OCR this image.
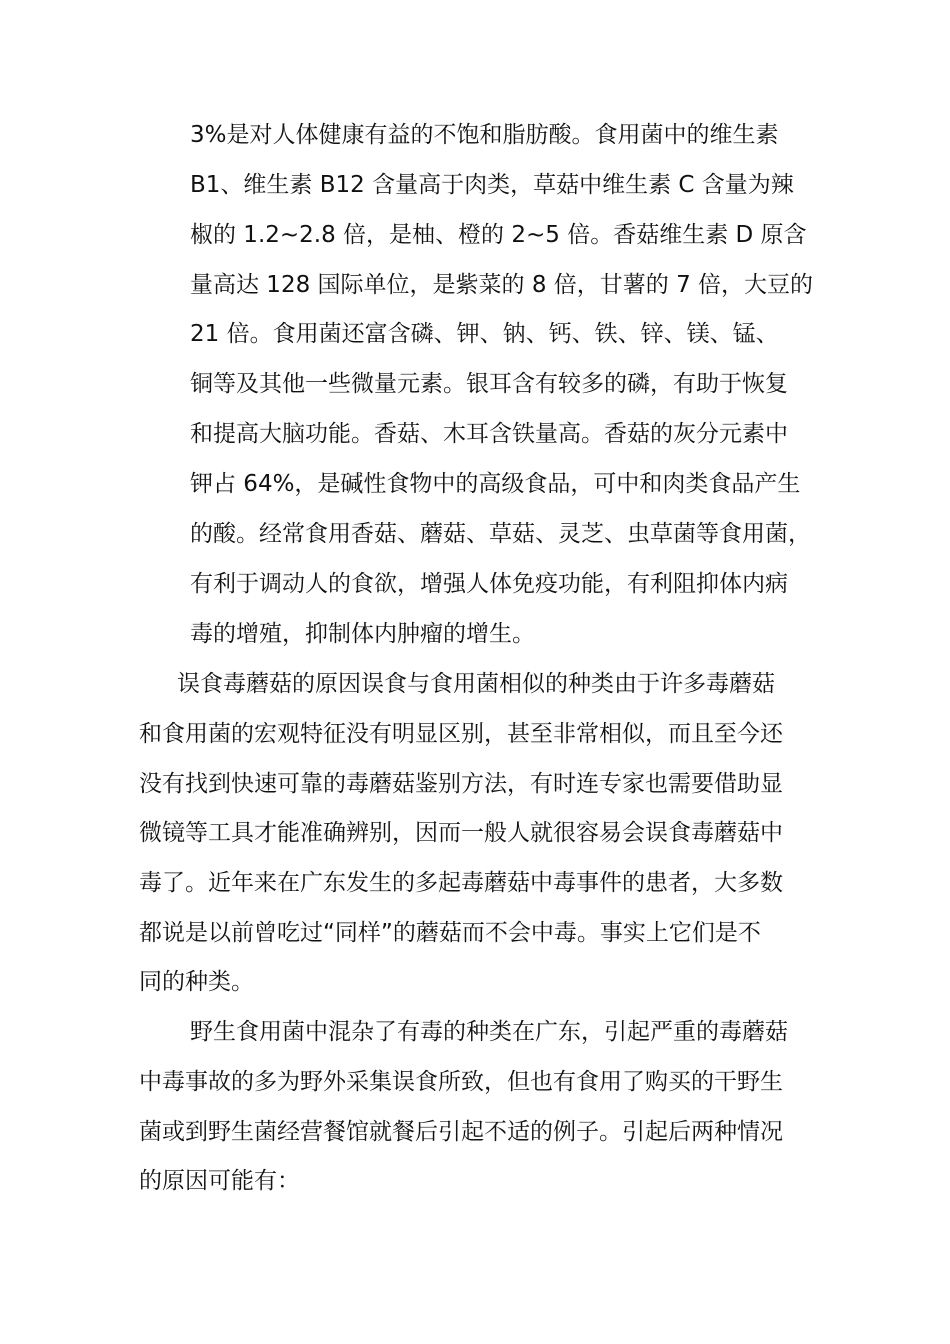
3%是对人体健康有益的不饱和脂肪酸。食用菌中的维生素
B1、维生素 B12 含量高于肉类，草菇中维生素 C 含量为辣
椒的 1.2~2.8 倍，是柚、橙的 2~5 倍。香菇维生素 D 原含
量高达 128 国际单位，是紫菜的 8 倍，甘薯的 7 倍，大豆的
21 倍。食用菌还富含磷、钾、钠、钙、铁、锌、镁、锰、
铜等及其他一些微量元素。银耳含有较多的磷，有助于恢复
和提高大脑功能。香菇、木耳含铁量高。香菇的灰分元素中
钾占 64%，是碱性食物中的高级食品，可中和肉类食品产生
的酸。经常食用香菇、蘑菇、草菇、灵芝、虫草菌等食用菌，
有利于调动人的食欲，增强人体免疫功能，有利阻抑体内病
毒的增殖，抑制体内肿瘤的增生。
误食毒蘑菇的原因误食与食用菌相似的种类由于许多毒蘑菇
和食用菌的宏观特征没有明显区别，甚至非常相似，而且至今还
没有找到快速可靠的毒蘑菇鉴别方法，有时连专家也需要借助显
微镜等工具才能准确辨别，因而一般人就很容易会误食毒蘑菇中
毒了。近年来在广东发生的多起毒蘑菇中毒事件的患者，大多数
都说是以前曾吃过“同样”的蘑菇而不会中毒。事实上它们是不
同的种类。
野生食用菌中混杂了有毒的种类在广东，引起严重的毒蘑菇
中毒事故的多为野外采集误食所致，但也有食用了购买的干野生
菌或到野生菌经营餐馆就餐后引起不适的例子。引起后两种情况
的原因可能有：
